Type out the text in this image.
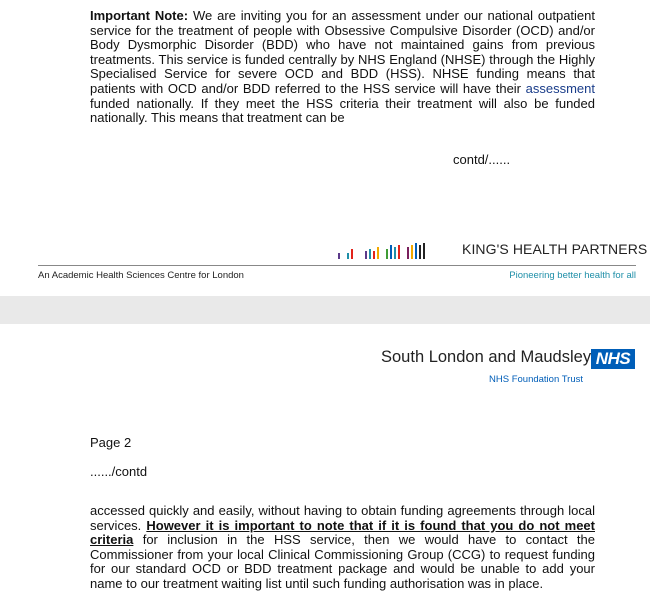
Important Note: We are inviting you for an assessment under our national outpatient service for the treatment of people with Obsessive Compulsive Disorder (OCD) and/or Body Dysmorphic Disorder (BDD) who have not maintained gains from previous treatments. This service is funded centrally by NHS England (NHSE) through the Highly Specialised Service for severe OCD and BDD (HSS). NHSE funding means that patients with OCD and/or BDD referred to the HSS service will have their assessment funded nationally. If they meet the HSS criteria their treatment will also be funded nationally. This means that treatment can be

contd/......
KING'S HEALTH PARTNERS
An Academic Health Sciences Centre for London	Pioneering better health for all
South London and Maudsley NHS
NHS Foundation Trust
Page 2
....../contd

accessed quickly and easily, without having to obtain funding agreements through local services. However it is important to note that if it is found that you do not meet criteria for inclusion in the HSS service, then we would have to contact the Commissioner from your local Clinical Commissioning Group (CCG) to request funding for our standard OCD or BDD treatment package and would be unable to add your name to our treatment waiting list until such funding authorisation was in place.
